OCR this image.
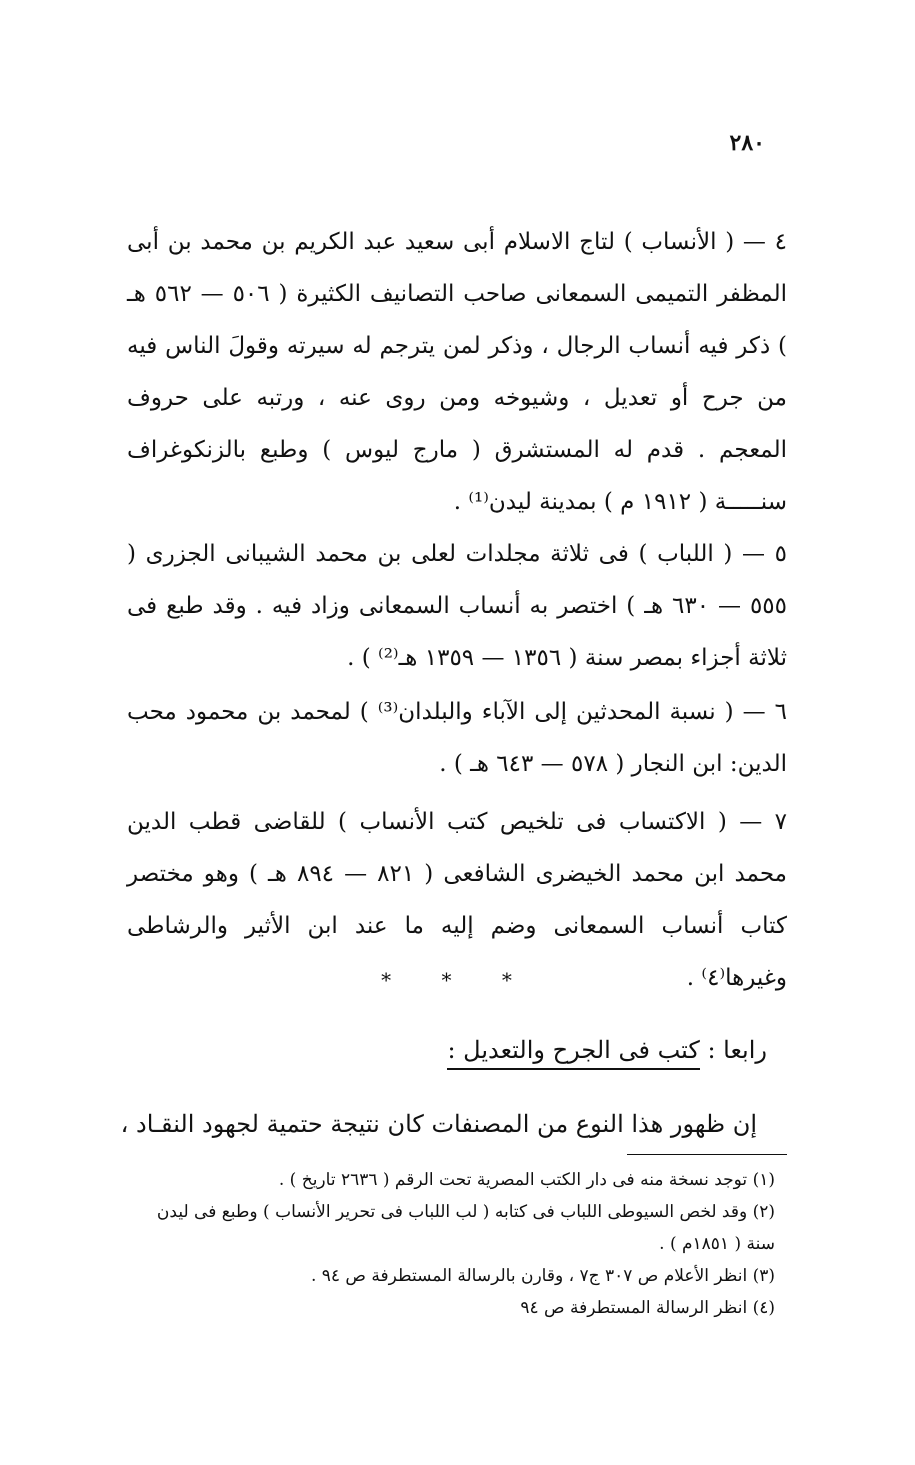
٢٨٠

٤ — ( الأنساب ) لتاج الاسلام أبى سعيد عبد الكريم بن محمد بن أبى المظفر التميمى السمعانى صاحب التصانيف الكثيرة ( ٥٠٦ — ٥٦٢ هـ ) ذكر فيه أنساب الرجال ، وذكر لمن يترجم له سيرته وقولَ الناس فيه من جرح أو تعديل ، وشيوخه ومن روى عنه ، ورتبه على حروف المعجم . قدم له المستشرق ( مارج ليوس ) وطبع بالزنكوغراف سنـــــة ( ١٩١٢ م ) بمدينة ليدن⁽¹⁾ .

٥ — ( اللباب ) فى ثلاثة مجلدات لعلى بن محمد الشيبانى الجزرى ( ٥٥٥ — ٦٣٠ هـ ) اختصر به أنساب السمعانى وزاد فيه . وقد طبع فى ثلاثة أجزاء بمصر سنة ( ١٣٥٦ — ١٣٥٩ هـ⁽²⁾ ) .

٦ — ( نسبة المحدثين إلى الآباء والبلدان⁽³⁾ ) لمحمد بن محمود محب الدين: ابن النجار ( ٥٧٨ — ٦٤٣ هـ ) .

٧ — ( الاكتساب فى تلخيص كتب الأنساب ) للقاضى قطب الدين محمد ابن محمد الخيضرى الشافعى ( ٨٢١ — ٨٩٤ هـ ) وهو مختصر كتاب أنساب السمعانى وضم إليه ما عند ابن الأثير والرشاطى وغيرها⁽٤⁾ .

* * *
رابعا : كتب فى الجرح والتعديل :
إن ظهور هذا النوع من المصنفات كان نتيجة حتمية لجهود النقـاد ،

(١) توجد نسخة منه فى دار الكتب المصرية تحت الرقم ( ٢٦٣٦ تاريخ ) .

(٢) وقد لخص السيوطى اللباب فى كتابه ( لب اللباب فى تحرير الأنساب ) وطبع فى ليدن سنة ( ١٨٥١م ) .

(٣) انظر الأعلام ص ٣٠٧ ج٧ ، وقارن بالرسالة المستطرفة ص ٩٤ .

(٤) انظر الرسالة المستطرفة ص ٩٤
